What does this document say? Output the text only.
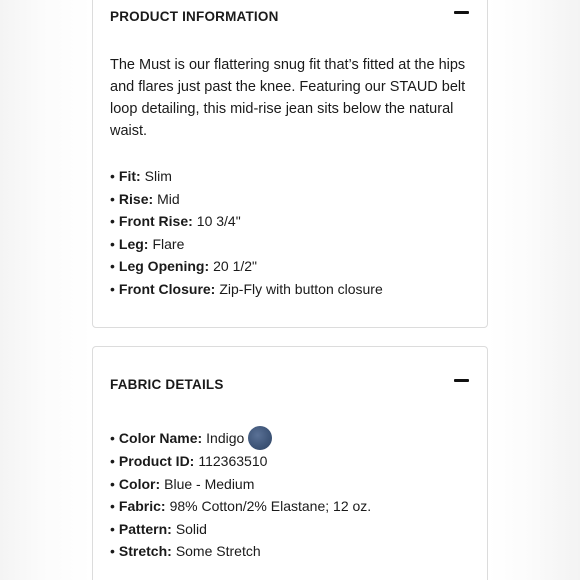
PRODUCT INFORMATION

The Must is our flattering snug fit that’s fitted at the hips and flares just past the knee. Featuring our STAUD belt loop detailing, this mid-rise jean sits below the natural waist.

• Fit: Slim
• Rise: Mid
• Front Rise: 10 3/4"
• Leg: Flare
• Leg Opening: 20 1/2"
• Front Closure: Zip-Fly with button closure
FABRIC DETAILS
• Color Name: Indigo
• Product ID: 112363510
• Color: Blue - Medium
• Fabric: 98% Cotton/2% Elastane; 12 oz.
• Pattern: Solid
• Stretch: Some Stretch
